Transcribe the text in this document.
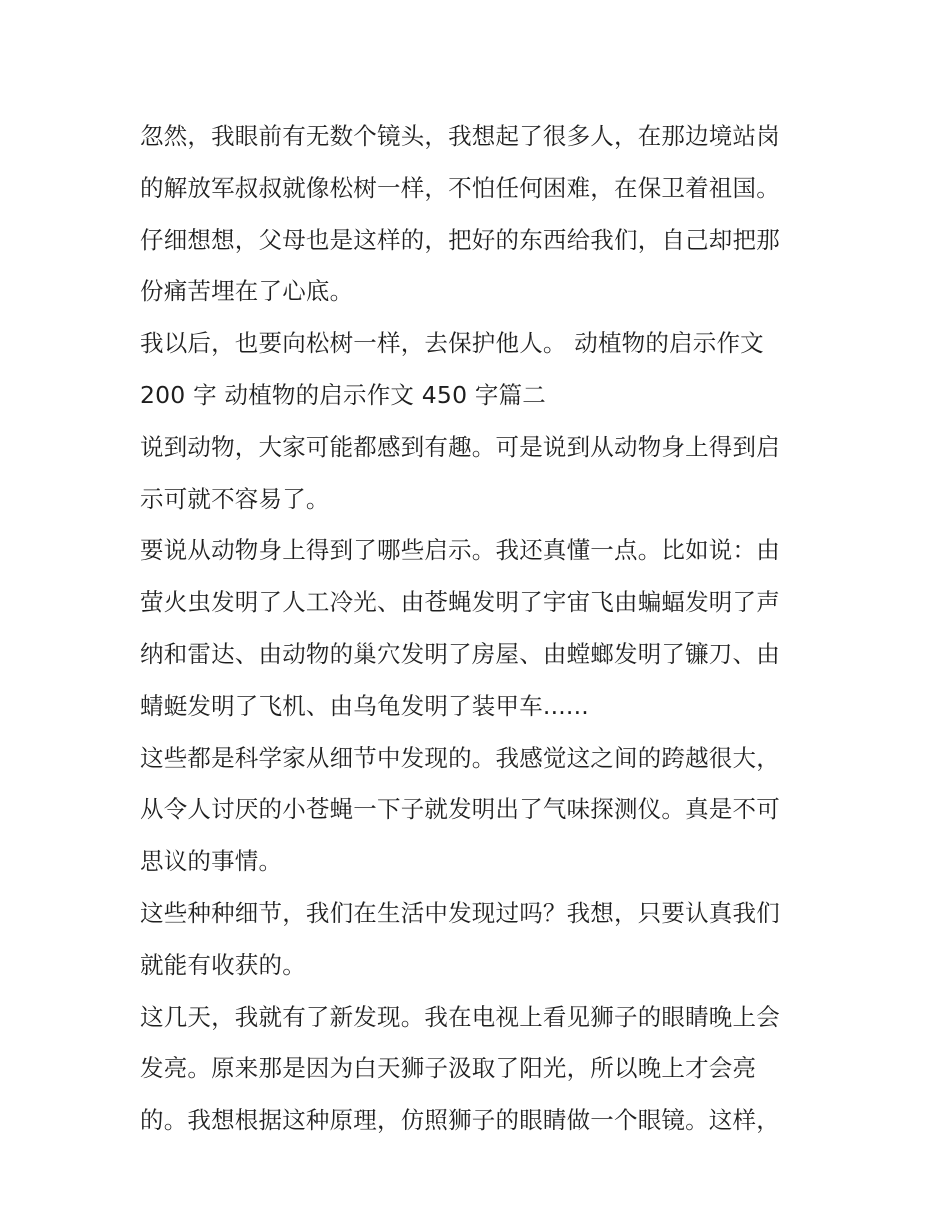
忽然，我眼前有无数个镜头，我想起了很多人，在那边境站岗
的解放军叔叔就像松树一样，不怕任何困难，在保卫着祖国。
仔细想想，父母也是这样的，把好的东西给我们，自己却把那
份痛苦埋在了心底。
我以后，也要向松树一样，去保护他人。 动植物的启示作文
200 字 动植物的启示作文 450 字篇二
说到动物，大家可能都感到有趣。可是说到从动物身上得到启
示可就不容易了。
要说从动物身上得到了哪些启示。我还真懂一点。比如说：由
萤火虫发明了人工冷光、由苍蝇发明了宇宙飞由蝙蝠发明了声
纳和雷达、由动物的巢穴发明了房屋、由螳螂发明了镰刀、由
蜻蜓发明了飞机、由乌龟发明了装甲车......
这些都是科学家从细节中发现的。我感觉这之间的跨越很大，
从令人讨厌的小苍蝇一下子就发明出了气味探测仪。真是不可
思议的事情。
这些种种细节，我们在生活中发现过吗？我想，只要认真我们
就能有收获的。
这几天，我就有了新发现。我在电视上看见狮子的眼睛晚上会
发亮。原来那是因为白天狮子汲取了阳光，所以晚上才会亮
的。我想根据这种原理，仿照狮子的眼睛做一个眼镜。这样，
